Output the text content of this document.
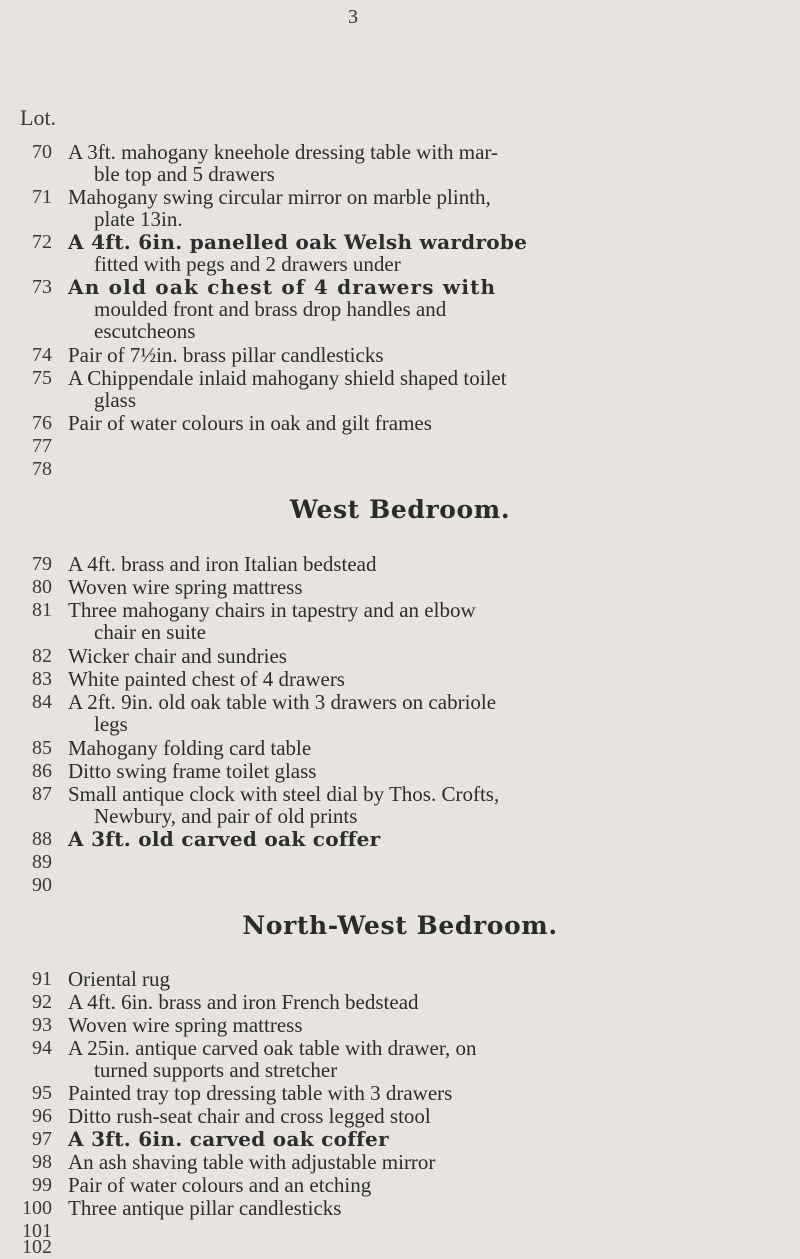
3
Lot.
70 A 3ft. mahogany kneehole dressing table with mar-
ble top and 5 drawers
71 Mahogany swing circular mirror on marble plinth,
plate 13in.
72 A 4ft. 6in. panelled oak Welsh wardrobe
fitted with pegs and 2 drawers under
73 An old oak chest of 4 drawers with
moulded front and brass drop handles and
escutcheons
74 Pair of 7½in. brass pillar candlesticks
75 A Chippendale inlaid mahogany shield shaped toilet
glass
76 Pair of water colours in oak and gilt frames
77
78
West Bedroom.
79 A 4ft. brass and iron Italian bedstead
80 Woven wire spring mattress
81 Three mahogany chairs in tapestry and an elbow
chair en suite
82 Wicker chair and sundries
83 White painted chest of 4 drawers
84 A 2ft. 9in. old oak table with 3 drawers on cabriole
legs
85 Mahogany folding card table
86 Ditto swing frame toilet glass
87 Small antique clock with steel dial by Thos. Crofts,
Newbury, and pair of old prints
88 A 3ft. old carved oak coffer
89
90
North-West Bedroom.
91 Oriental rug
92 A 4ft. 6in. brass and iron French bedstead
93 Woven wire spring mattress
94 A 25in. antique carved oak table with drawer, on
turned supports and stretcher
95 Painted tray top dressing table with 3 drawers
96 Ditto rush-seat chair and cross legged stool
97 A 3ft. 6in. carved oak coffer
98 An ash shaving table with adjustable mirror
99 Pair of water colours and an etching
100 Three antique pillar candlesticks
101
102
